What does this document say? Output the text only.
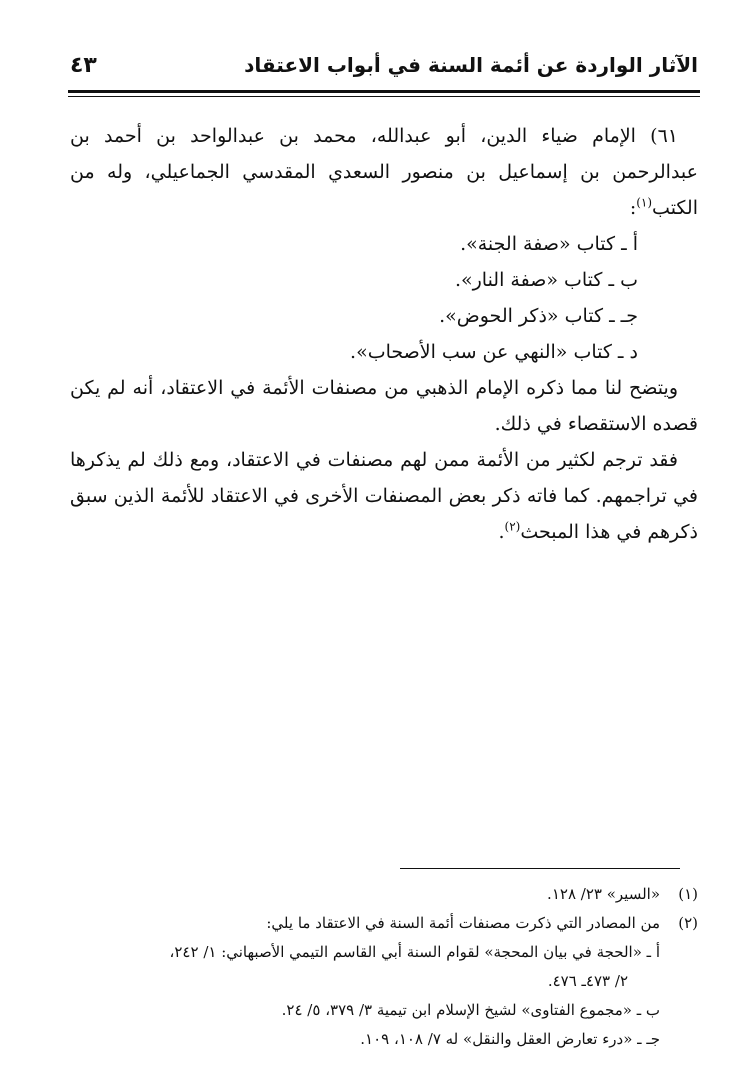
الآثار الواردة عن أئمة السنة في أبواب الاعتقاد
٤٣

٦١) الإمام ضياء الدين، أبو عبدالله، محمد بن عبدالواحد بن أحمد بن عبدالرحمن بن إسماعيل بن منصور السعدي المقدسي الجماعيلي، وله من الكتب$^{(١)}$:

أ ـ كتاب «صفة الجنة».
ب ـ كتاب «صفة النار».
جـ ـ كتاب «ذكر الحوض».
د ـ كتاب «النهي عن سب الأصحاب».

ويتضح لنا مما ذكره الإمام الذهبي من مصنفات الأئمة في الاعتقاد، أنه لم يكن قصده الاستقصاء في ذلك.

فقد ترجم لكثير من الأئمة ممن لهم مصنفات في الاعتقاد، ومع ذلك لم يذكرها في تراجمهم. كما فاته ذكر بعض المصنفات الأخرى في الاعتقاد للأئمة الذين سبق ذكرهم في هذا المبحث$^{(٢)}$.

(١)
«السير» ٢٣/ ١٢٨.
(٢)
من المصادر التي ذكرت مصنفات أئمة السنة في الاعتقاد ما يلي:
أ ـ «الحجة في بيان المحجة» لقوام السنة أبي القاسم التيمي الأصبهاني: ١/ ٢٤٢،
٢/ ٤٧٣ـ ٤٧٦.
ب ـ «مجموع الفتاوى» لشيخ الإسلام ابن تيمية ٣/ ٣٧٩، ٥/ ٢٤.
جـ ـ «درء تعارض العقل والنقل» له ٧/ ١٠٨، ١٠٩.
